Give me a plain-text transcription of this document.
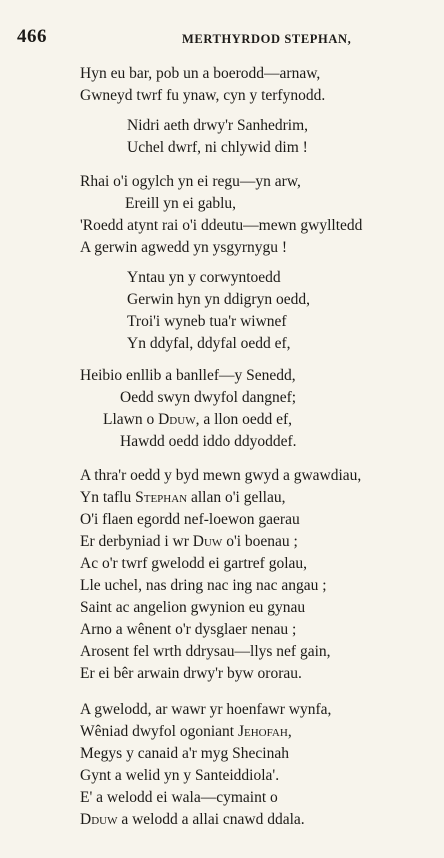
466	MERTHYRDOD STEPHAN,
Hyn eu bar, pob un a boerodd—arnaw,
Gwneyd twrf fu ynaw, cyn y terfynodd.
Nidri aeth drwy'r Sanhedrim,
Uchel dwrf, ni chlywid dim !
Rhai o'i ogylch yn ei regu—yn arw,
Ereill yn ei gablu,
'Roedd atynt rai o'i ddeutu—mewn gwylltedd
A gerwin agwedd yn ysgyrnygu !
Yntau yn y corwyntoedd
Gerwin hyn yn ddigryn oedd,
Troi'i wyneb tua'r wiwnef
Yn ddyfal, ddyfal oedd ef,
Heibio enllib a banllef—y Senedd,
Oedd swyn dwyfol dangnef;
Llawn o Dduw, a llon oedd ef,
Hawdd oedd iddo ddyoddef.
A thra'r oedd y byd mewn gwyd a gwawdiau,
Yn taflu Stephan allan o'i gellau,
O'i flaen egordd nef-loewon gaerau
Er derbyniad i wr Duw o'i boenau ;
Ac o'r twrf gwelodd ei gartref golau,
Lle uchel, nas dring nac ing nac angau ;
Saint ac angelion gwynion eu gynau
Arno a wênent o'r dysglaer nenau ;
Arosent fel wrth ddrysau—llys nef gain,
Er ei bêr arwain drwy'r byw ororau.
A gwelodd, ar wawr yr hoenfawr wynfa,
Wêniad dwyfol ogoniant Jehofah,
Megys y canaid a'r myg Shecinah
Gynt a welid yn y Santeiddiola'.
E' a welodd ei wala—cymaint o
Dduw a welodd a allai cnawd ddala.
